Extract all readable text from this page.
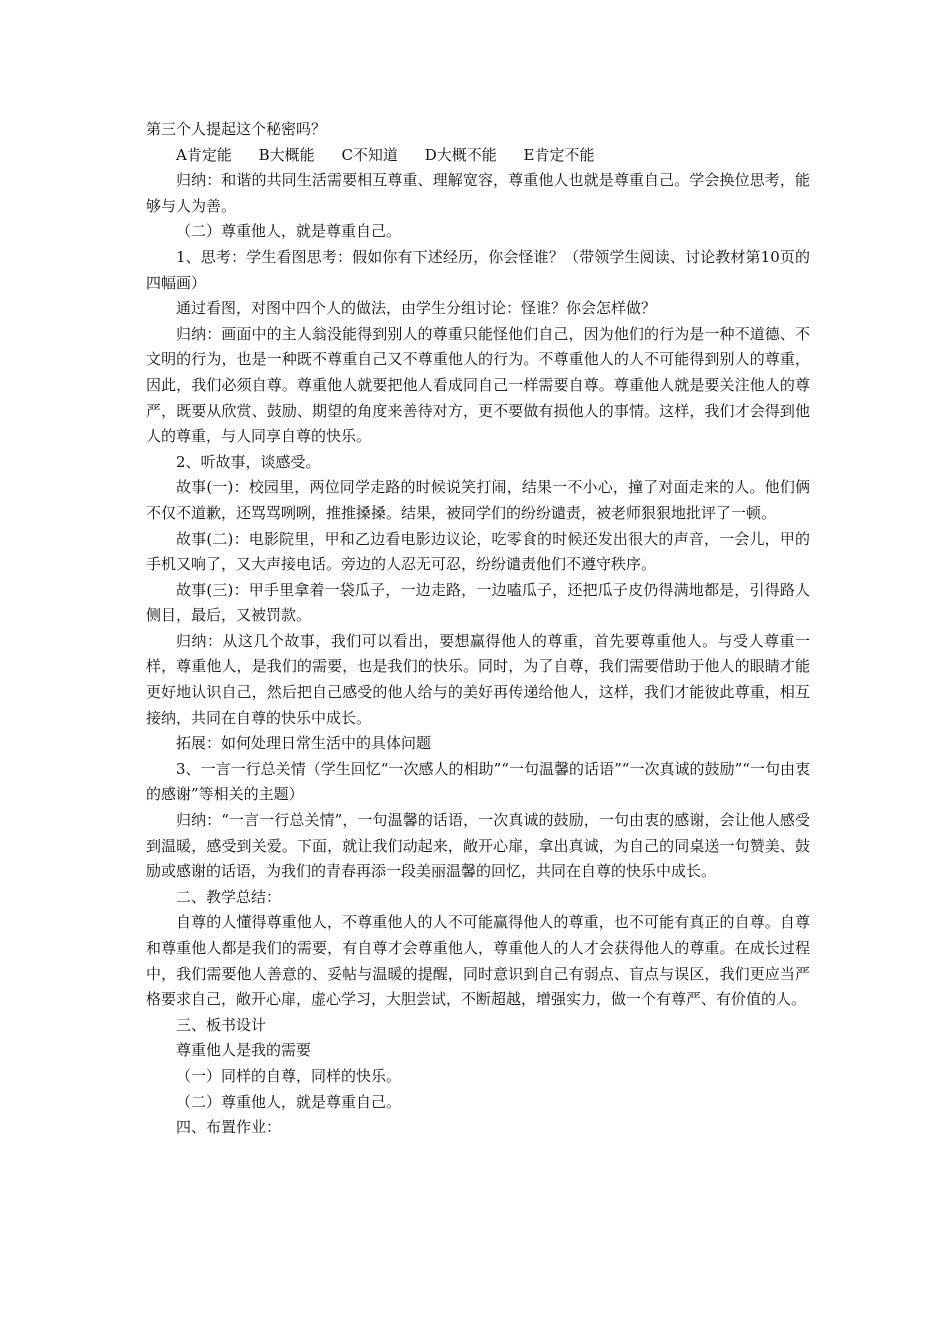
第三个人提起这个秘密吗？

A肯定能 B大概能 C不知道 D大概不能 E肯定不能

归纳：和谐的共同生活需要相互尊重、理解宽容，尊重他人也就是尊重自己。学会换位思考，能够与人为善。

（二）尊重他人，就是尊重自己。

1、思考：学生看图思考：假如你有下述经历，你会怪谁？（带领学生阅读、讨论教材第10页的四幅画）

通过看图，对图中四个人的做法，由学生分组讨论：怪谁？你会怎样做？

归纳：画面中的主人翁没能得到别人的尊重只能怪他们自己，因为他们的行为是一种不道德、不文明的行为，也是一种既不尊重自己又不尊重他人的行为。不尊重他人的人不可能得到别人的尊重，因此，我们必须自尊。尊重他人就要把他人看成同自己一样需要自尊。尊重他人就是要关注他人的尊严，既要从欣赏、鼓励、期望的角度来善待对方，更不要做有损他人的事情。这样，我们才会得到他人的尊重，与人同享自尊的快乐。

2、听故事，谈感受。

故事(一)：校园里，两位同学走路的时候说笑打闹，结果一不小心，撞了对面走来的人。他们俩不仅不道歉，还骂骂咧咧，推推搡搡。结果，被同学们的纷纷谴责，被老师狠狠地批评了一顿。

故事(二)：电影院里，甲和乙边看电影边议论，吃零食的时候还发出很大的声音，一会儿，甲的手机又响了，又大声接电话。旁边的人忍无可忍，纷纷谴责他们不遵守秩序。

故事(三)：甲手里拿着一袋瓜子，一边走路，一边嗑瓜子，还把瓜子皮仍得满地都是，引得路人侧目，最后，又被罚款。

归纳：从这几个故事，我们可以看出，要想赢得他人的尊重，首先要尊重他人。与受人尊重一样，尊重他人，是我们的需要，也是我们的快乐。同时，为了自尊，我们需要借助于他人的眼睛才能更好地认识自己，然后把自己感受的他人给与的美好再传递给他人，这样，我们才能彼此尊重，相互接纳，共同在自尊的快乐中成长。

拓展：如何处理日常生活中的具体问题

3、一言一行总关情（学生回忆“一次感人的相助”“一句温馨的话语”“一次真诚的鼓励”“一句由衷的感谢”等相关的主题）

归纳：“一言一行总关情”，一句温馨的话语，一次真诚的鼓励，一句由衷的感谢，会让他人感受到温暖，感受到关爱。下面，就让我们动起来，敞开心扉，拿出真诚，为自己的同桌送一句赞美、鼓励或感谢的话语，为我们的青春再添一段美丽温馨的回忆，共同在自尊的快乐中成长。

二、教学总结：

自尊的人懂得尊重他人，不尊重他人的人不可能赢得他人的尊重，也不可能有真正的自尊。自尊和尊重他人都是我们的需要，有自尊才会尊重他人，尊重他人的人才会获得他人的尊重。在成长过程中，我们需要他人善意的、妥帖与温暖的提醒，同时意识到自己有弱点、盲点与误区，我们更应当严格要求自己，敞开心扉，虚心学习，大胆尝试，不断超越，增强实力，做一个有尊严、有价值的人。

三、板书设计

尊重他人是我的需要

（一）同样的自尊，同样的快乐。

（二）尊重他人，就是尊重自己。

四、布置作业：
